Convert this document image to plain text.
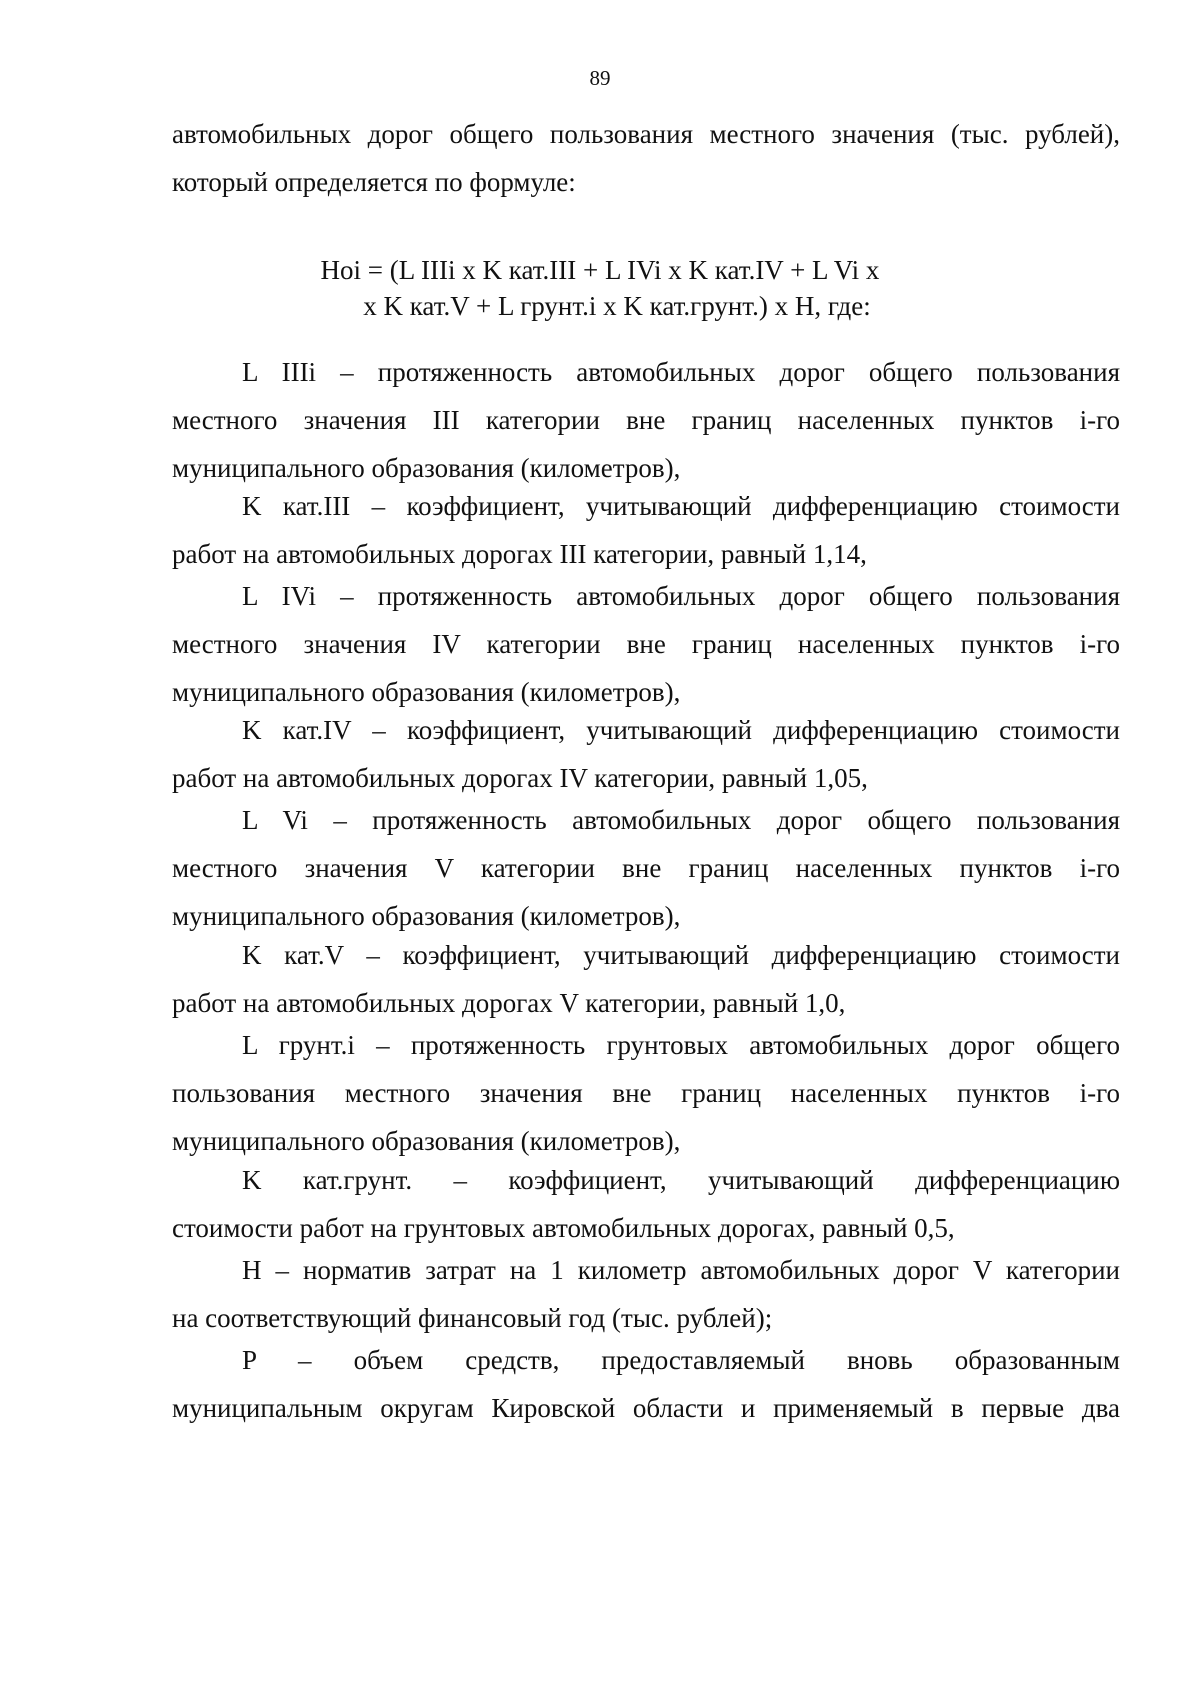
89
автомобильных дорог общего пользования местного значения (тыс. рублей),
который определяется по формуле:
Hoi = (L IIIi x K кат.III + L IVi x K кат.IV + L Vi x
x K кат.V + L грунт.i x K кат.грунт.) x H, где:
L IIIi – протяженность автомобильных дорог общего пользования
местного значения III категории вне границ населенных пунктов i-го
муниципального образования (километров),
K кат.III – коэффициент, учитывающий дифференциацию стоимости
работ на автомобильных дорогах III категории, равный 1,14,
L IVi – протяженность автомобильных дорог общего пользования
местного значения IV категории вне границ населенных пунктов i-го
муниципального образования (километров),
K кат.IV – коэффициент, учитывающий дифференциацию стоимости
работ на автомобильных дорогах IV категории, равный 1,05,
L Vi – протяженность автомобильных дорог общего пользования
местного значения V категории вне границ населенных пунктов i-го
муниципального образования (километров),
K кат.V – коэффициент, учитывающий дифференциацию стоимости
работ на автомобильных дорогах V категории, равный 1,0,
L грунт.i – протяженность грунтовых автомобильных дорог общего
пользования местного значения вне границ населенных пунктов i-го
муниципального образования (километров),
K кат.грунт. – коэффициент, учитывающий дифференциацию
стоимости работ на грунтовых автомобильных дорогах, равный 0,5,
H – норматив затрат на 1 километр автомобильных дорог V категории
на соответствующий финансовый год (тыс. рублей);
P – объем средств, предоставляемый вновь образованным
муниципальным округам Кировской области и применяемый в первые два
